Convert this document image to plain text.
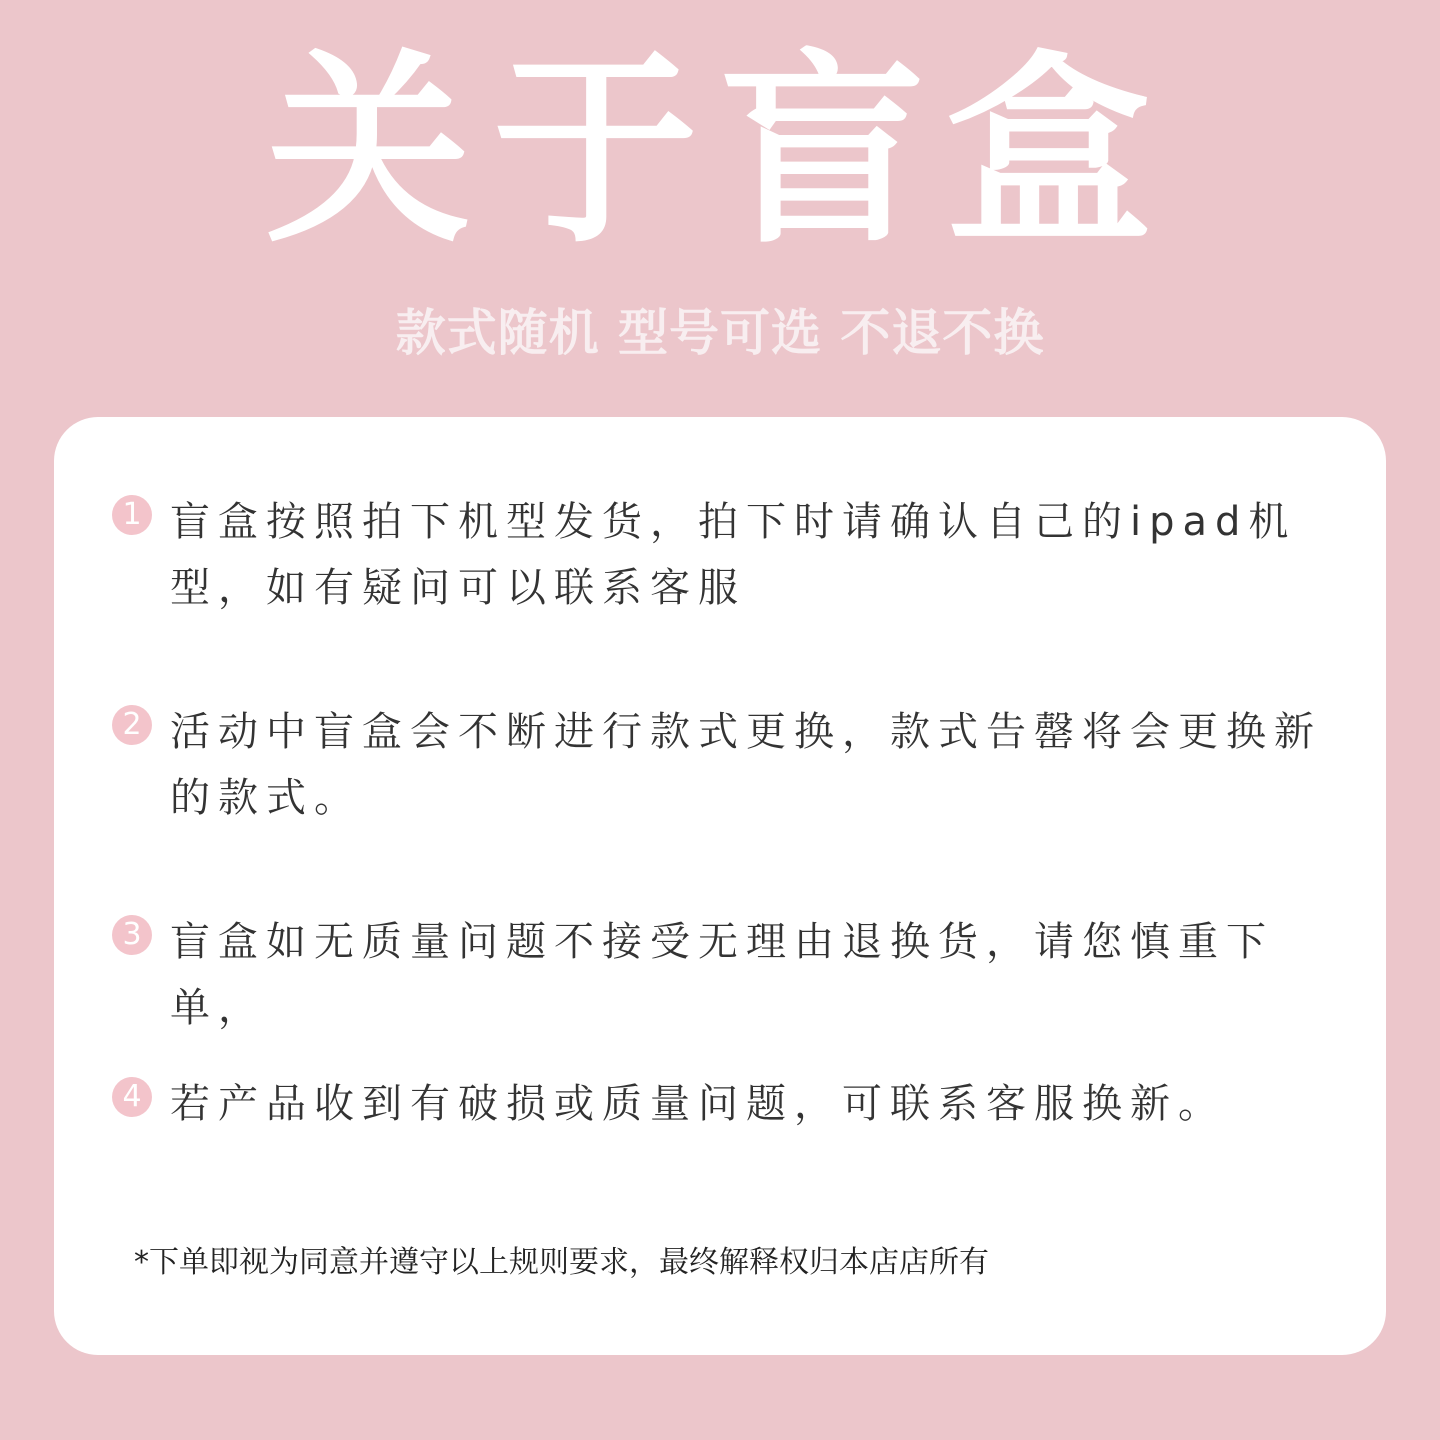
关于盲盒
款式随机 型号可选 不退不换
1 盲盒按照拍下机型发货，拍下时请确认自己的ipad机型，如有疑问可以联系客服

2 活动中盲盒会不断进行款式更换，款式告罄将会更换新的款式。

3 盲盒如无质量问题不接受无理由退换货，请您慎重下单，

4 若产品收到有破损或质量问题，可联系客服换新。

*下单即视为同意并遵守以上规则要求，最终解释权归本店店所有
